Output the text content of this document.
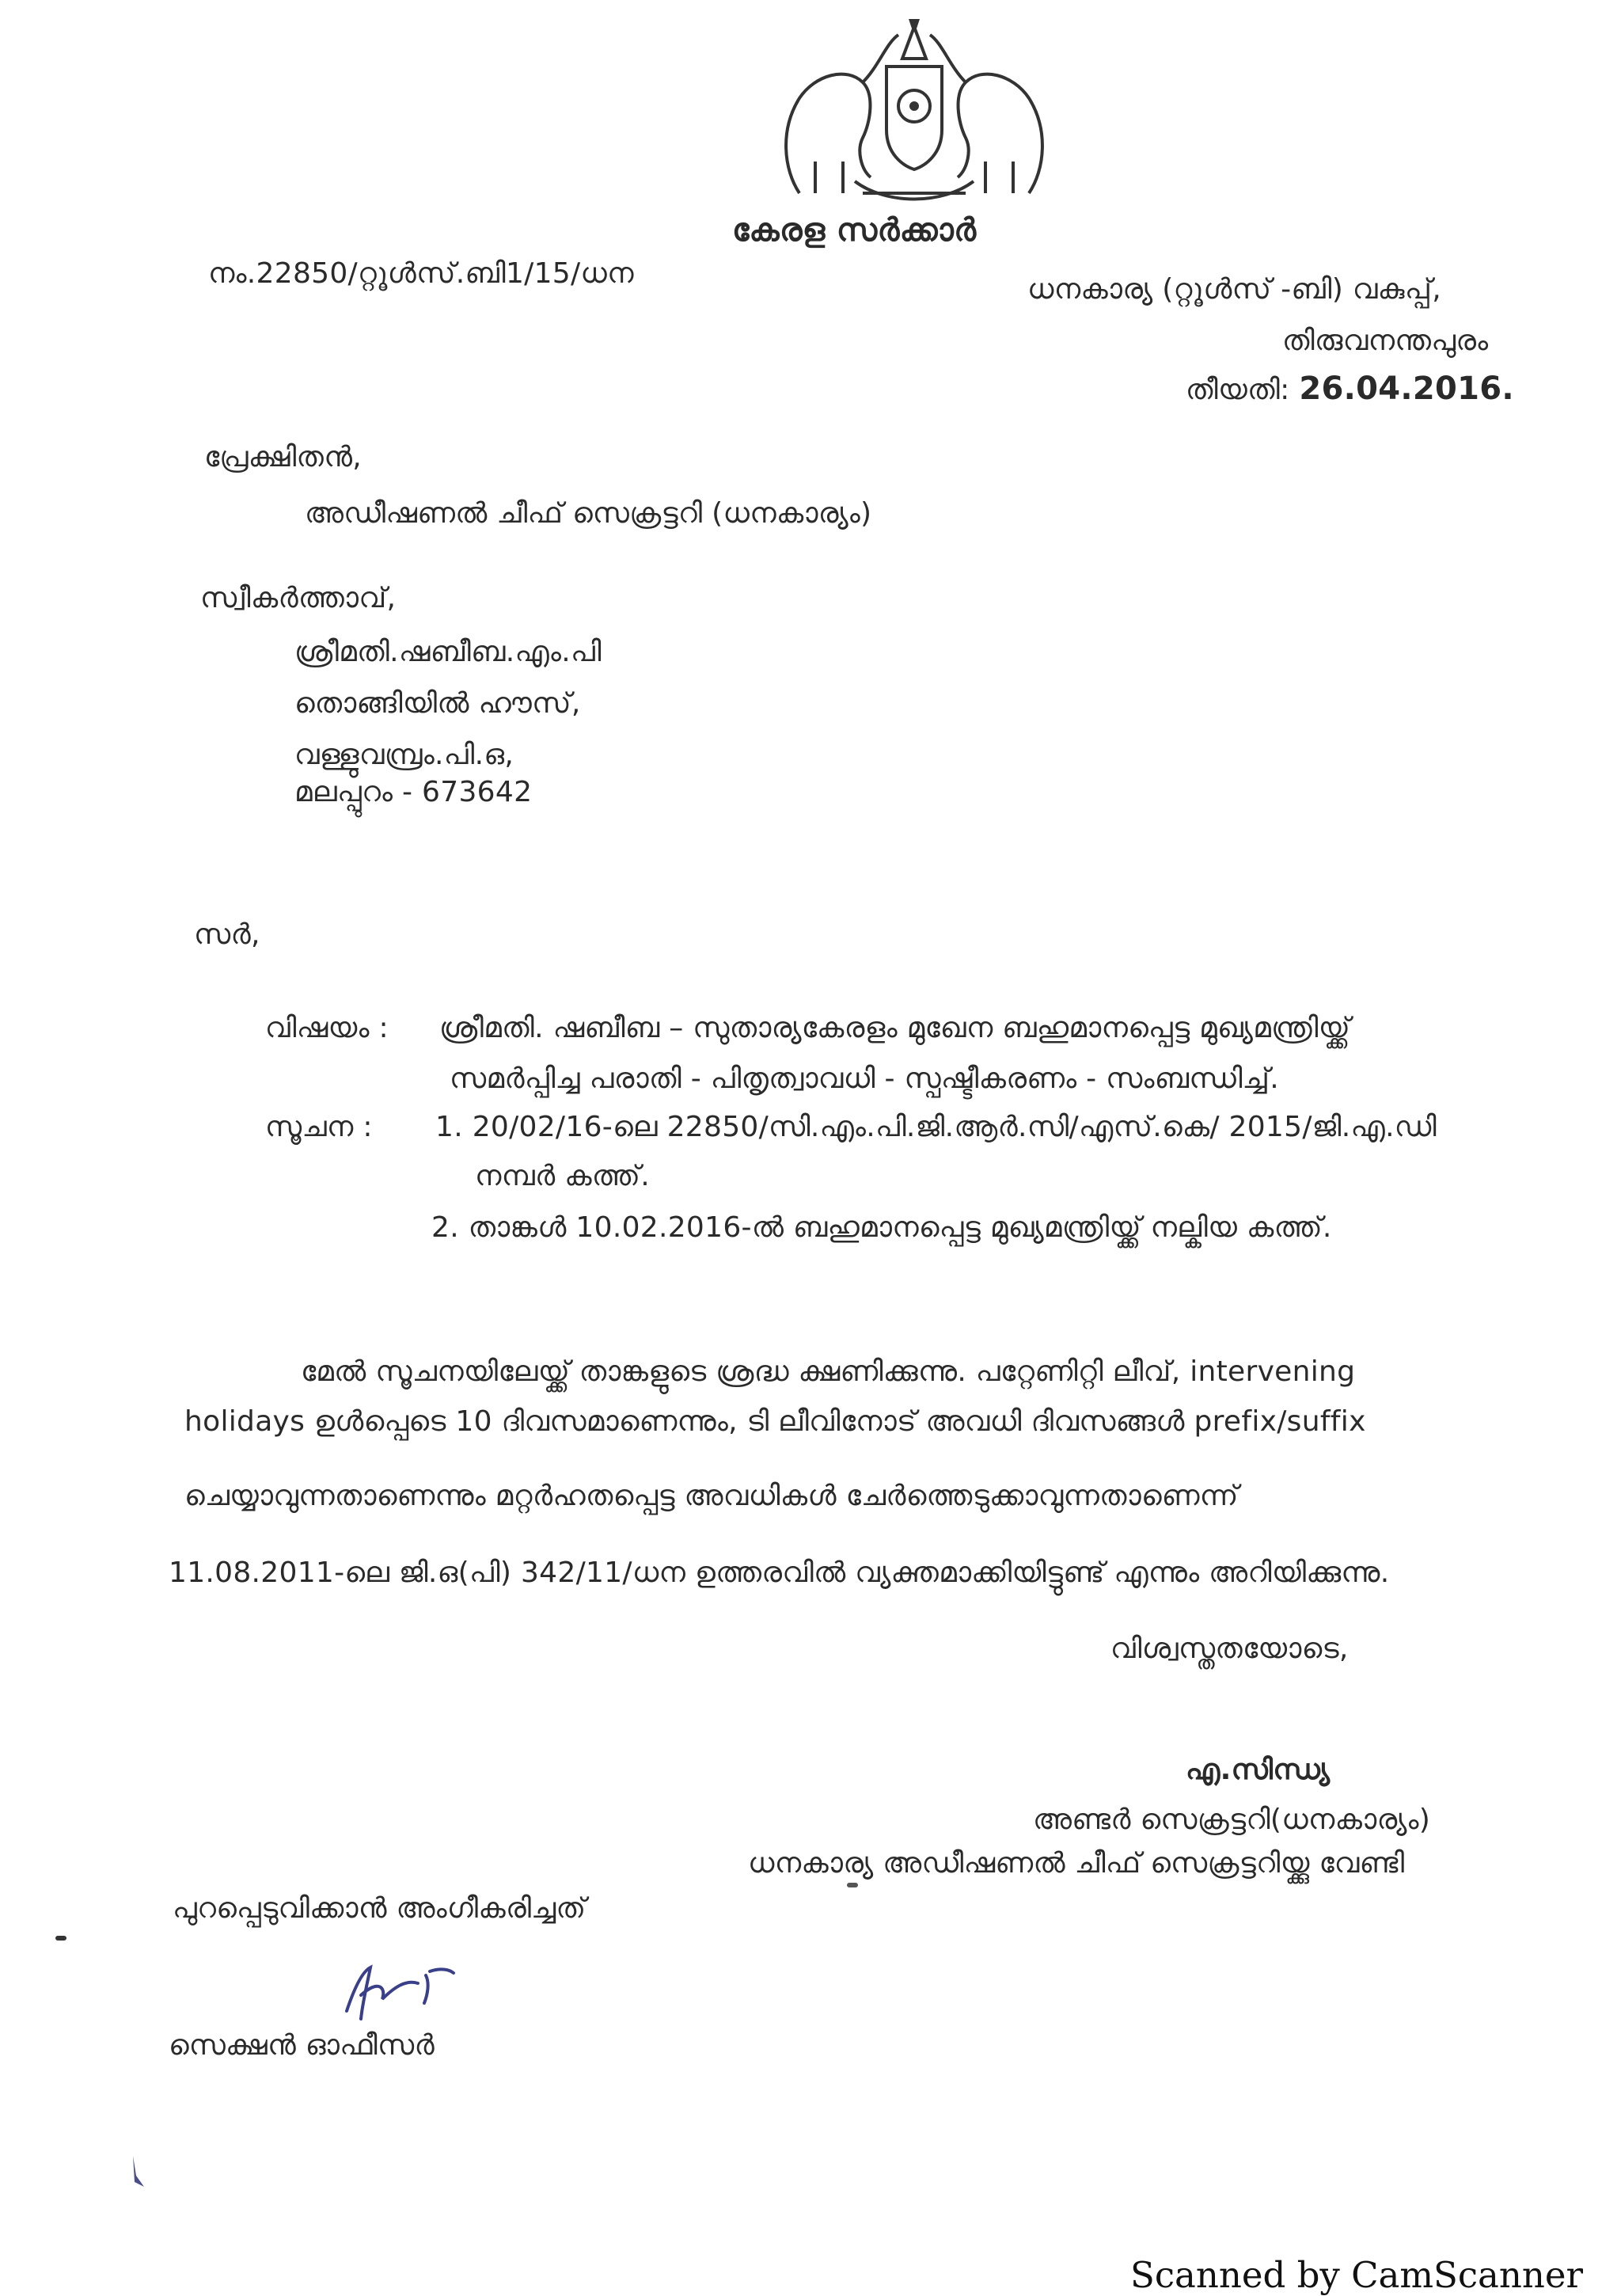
കേരള സർക്കാർ
നം.22850/റ്റൂൾസ്.ബി1/15/ധന	ധനകാര്യ (റ്റൂൾസ് -ബി) വകുപ്പ്,
തിരുവനന്തപുരം
തീയതി: 26.04.2016.
പ്രേക്ഷിതൻ,
അഡീഷണൽ ചീഫ് സെക്രട്ടറി (ധനകാര്യം)
സ്വീകർത്താവ്,
ശ്രീമതി.ഷബീബ.എം.പി
തൊങ്ങിയിൽ ഹൗസ്,
വള്ളുവമ്പ്രം.പി.ഒ,
മലപ്പുറം - 673642
സർ,
വിഷയം : ശ്രീമതി. ഷബീബ – സുതാര്യകേരളം മുഖേന ബഹുമാനപ്പെട്ട മുഖ്യമന്ത്രിയ്ക്ക്
സമർപ്പിച്ച പരാതി - പിതൃത്വാവധി - സ്പഷ്ടീകരണം - സംബന്ധിച്ച്.
സൂചന : 1. 20/02/16-ലെ 22850/സി.എം.പി.ജി.ആർ.സി/എസ്.കെ/ 2015/ജി.എ.ഡി
നമ്പർ കത്ത്.
2. താങ്കൾ 10.02.2016-ൽ ബഹുമാനപ്പെട്ട മുഖ്യമന്ത്രിയ്ക്ക് നല്കിയ കത്ത്.
മേൽ സൂചനയിലേയ്ക്ക് താങ്കളുടെ ശ്രദ്ധ ക്ഷണിക്കുന്നു. പറ്റേണിറ്റി ലീവ്, intervening
holidays ഉൾപ്പെടെ 10 ദിവസമാണെന്നും, ടി ലീവിനോട് അവധി ദിവസങ്ങൾ prefix/suffix
ചെയ്യാവുന്നതാണെന്നും മറ്റർഹതപ്പെട്ട അവധികൾ ചേർത്തെടുക്കാവുന്നതാണെന്ന്
11.08.2011-ലെ ജി.ഒ(പി) 342/11/ധന ഉത്തരവിൽ വ്യക്തമാക്കിയിട്ടുണ്ട് എന്നും അറിയിക്കുന്നു.
വിശ്വസ്തതയോടെ,
എ.സിന്ധ്യ
അണ്ടർ സെക്രട്ടറി(ധനകാര്യം)
ധനകാര്യ അഡീഷണൽ ചീഫ് സെക്രട്ടറിയ്ക്കു വേണ്ടി
പുറപ്പെടുവിക്കാൻ അംഗീകരിച്ചത്
സെക്ഷൻ ഓഫീസർ
Scanned by CamScanner
